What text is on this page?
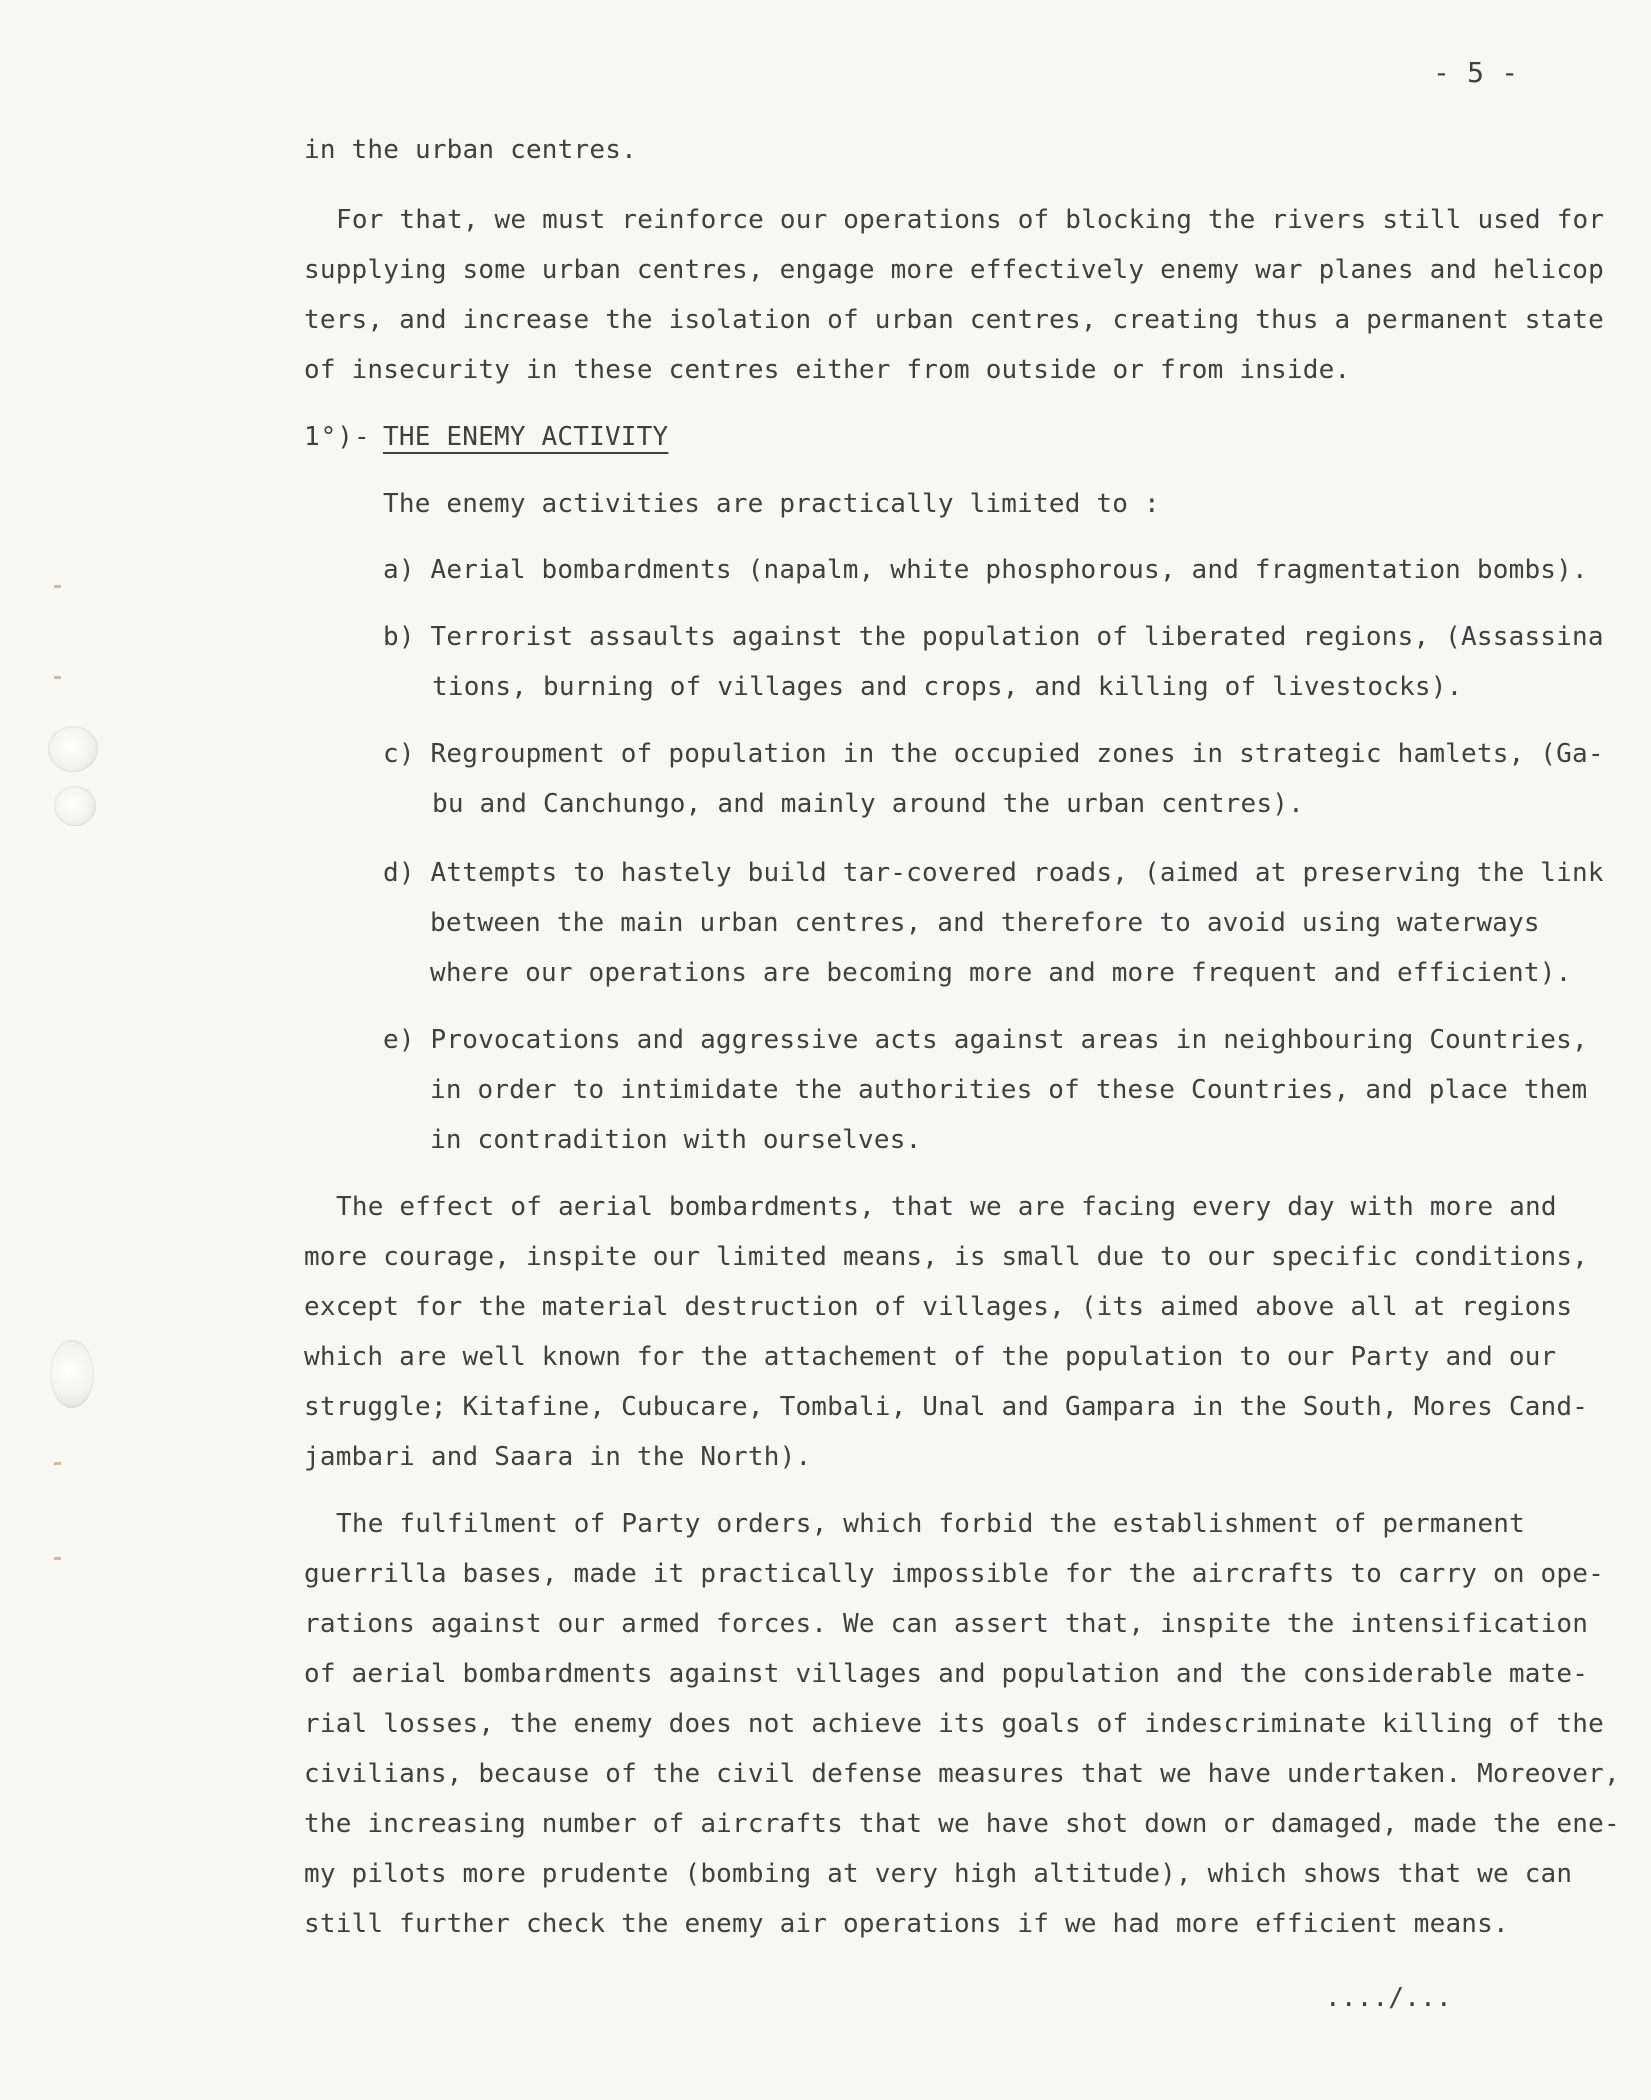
- 5 -
in the urban centres.
For that, we must reinforce our operations of blocking the rivers still used for
supplying some urban centres, engage more effectively enemy war planes and helicop
ters, and increase the isolation of urban centres, creating thus a permanent state
of insecurity in these centres either from outside or from inside.
1°)- THE ENEMY ACTIVITY
The enemy activities are practically limited to :
a) Aerial bombardments (napalm, white phosphorous, and fragmentation bombs).
b) Terrorist assaults against the population of liberated regions, (Assassina
tions, burning of villages and crops, and killing of livestocks).
c) Regroupment of population in the occupied zones in strategic hamlets, (Ga-
bu and Canchungo, and mainly around the urban centres).
d) Attempts to hastely build tar-covered roads, (aimed at preserving the link
between the main urban centres, and therefore to avoid using waterways
where our operations are becoming more and more frequent and efficient).
e) Provocations and aggressive acts against areas in neighbouring Countries,
in order to intimidate the authorities of these Countries, and place them
in contradition with ourselves.
The effect of aerial bombardments, that we are facing every day with more and
more courage, inspite our limited means, is small due to our specific conditions,
except for the material destruction of villages, (its aimed above all at regions
which are well known for the attachement of the population to our Party and our
struggle; Kitafine, Cubucare, Tombali, Unal and Gampara in the South, Mores Cand-
jambari and Saara in the North).
The fulfilment of Party orders, which forbid the establishment of permanent
guerrilla bases, made it practically impossible for the aircrafts to carry on ope-
rations against our armed forces. We can assert that, inspite the intensification
of aerial bombardments against villages and population and the considerable mate-
rial losses, the enemy does not achieve its goals of indescriminate killing of the
civilians, because of the civil defense measures that we have undertaken. Moreover,
the increasing number of aircrafts that we have shot down or damaged, made the ene-
my pilots more prudente (bombing at very high altitude), which shows that we can
still further check the enemy air operations if we had more efficient means.
..../...
